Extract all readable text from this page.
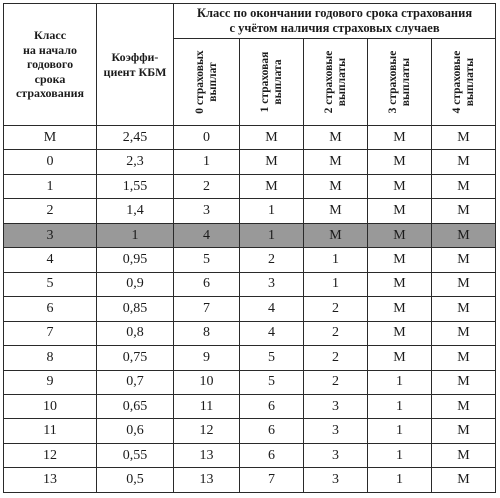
Класс
на начало
годового
срока
страхования	Коэффи-
циент КБМ	Класс по окончании годового срока страхования
с учётом наличия страховых случаев				

		0 страховых выплат	1 страховая выплата	2 страховые выплаты	3 страховые выплаты	4 страховые выплаты

М	2,45	0	М	М	М	М
0	2,3	1	М	М	М	М
1	1,55	2	М	М	М	М
2	1,4	3	1	М	М	М
3	1	4	1	М	М	М
4	0,95	5	2	1	М	М
5	0,9	6	3	1	М	М
6	0,85	7	4	2	М	М
7	0,8	8	4	2	М	М
8	0,75	9	5	2	М	М
9	0,7	10	5	2	1	М
10	0,65	11	6	3	1	М
11	0,6	12	6	3	1	М
12	0,55	13	6	3	1	М
13	0,5	13	7	3	1	М
